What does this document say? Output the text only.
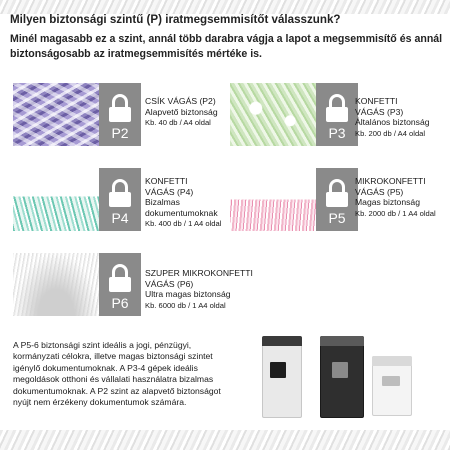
Milyen biztonsági szintű (P) iratmegsemmisítőt válasszunk?
Minél magasabb ez a szint, annál több darabra vágja a lapot a megsemmisítő és annál biztonságosabb az iratmegsemmisítés mértéke is.
P2
CSÍK VÁGÁS (P2)
Alapvető biztonság
Kb. 40 db / A4 oldal
P3
KONFETTI
VÁGÁS (P3)
Általános biztonság
Kb. 200 db / A4 oldal
P4
KONFETTI
VÁGÁS (P4)
Bizalmas
dokumentumoknak
Kb. 400 db / 1 A4 oldal	P5
MIKROKONFETTI
VÁGÁS (P5)
Magas biztonság
Kb. 2000 db / 1 A4 oldal
P6
SZUPER MIKROKONFETTI
VÁGÁS (P6)
Ultra magas biztonság
Kb. 6000 db / 1 A4 oldal
A P5-6 biztonsági szint ideális a jogi, pénzügyi,
kormányzati célokra, illetve magas biztonsági szintet
igénylő dokumentumoknak. A P3-4 gépek ideális
megoldások otthoni és vállalati használatra bizalmas
dokumentumoknak. A P2 szint az alapvető biztonságot
nyújt nem érzékeny dokumentumok számára.
